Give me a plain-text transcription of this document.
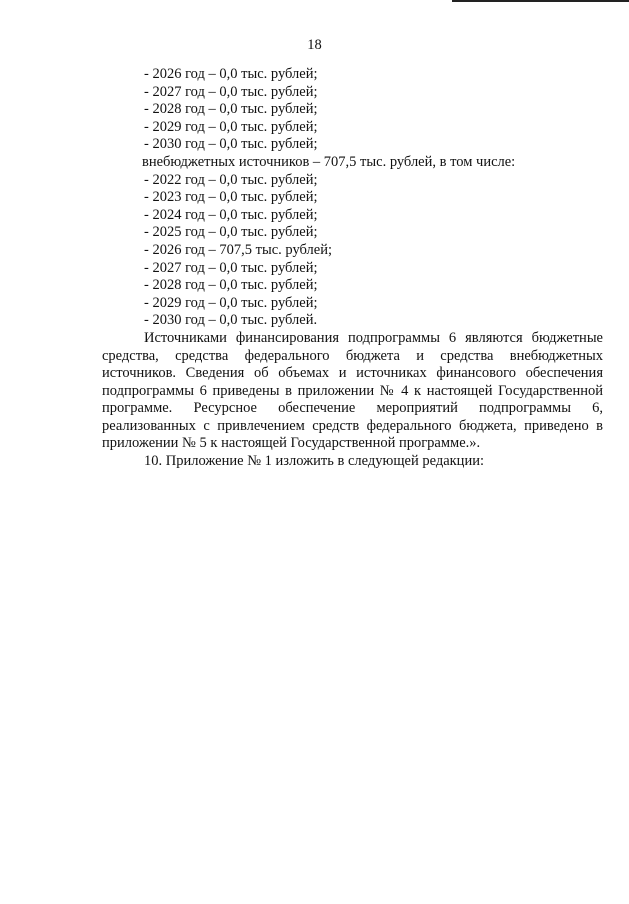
18

- 2026 год – 0,0 тыс. рублей;

- 2027 год – 0,0 тыс. рублей;

- 2028 год – 0,0 тыс. рублей;

- 2029 год – 0,0 тыс. рублей;

- 2030 год – 0,0 тыс. рублей;

внебюджетных источников – 707,5 тыс. рублей, в том числе:

- 2022 год – 0,0 тыс. рублей;

- 2023 год – 0,0 тыс. рублей;

- 2024 год – 0,0 тыс. рублей;

- 2025 год – 0,0 тыс. рублей;

- 2026 год – 707,5 тыс. рублей;

- 2027 год – 0,0 тыс. рублей;

- 2028 год – 0,0 тыс. рублей;

- 2029 год – 0,0 тыс. рублей;

- 2030 год – 0,0 тыс. рублей.

Источниками финансирования подпрограммы 6 являются бюджетные средства, средства федерального бюджета и средства внебюджетных источников. Сведения об объемах и источниках финансового обеспечения подпрограммы 6 приведены в приложении № 4 к настоящей Государственной программе. Ресурсное обеспечение мероприятий подпрограммы 6, реализованных с привлечением средств федерального бюджета, приведено в приложении № 5 к настоящей Государственной программе.».

10. Приложение № 1 изложить в следующей редакции:
